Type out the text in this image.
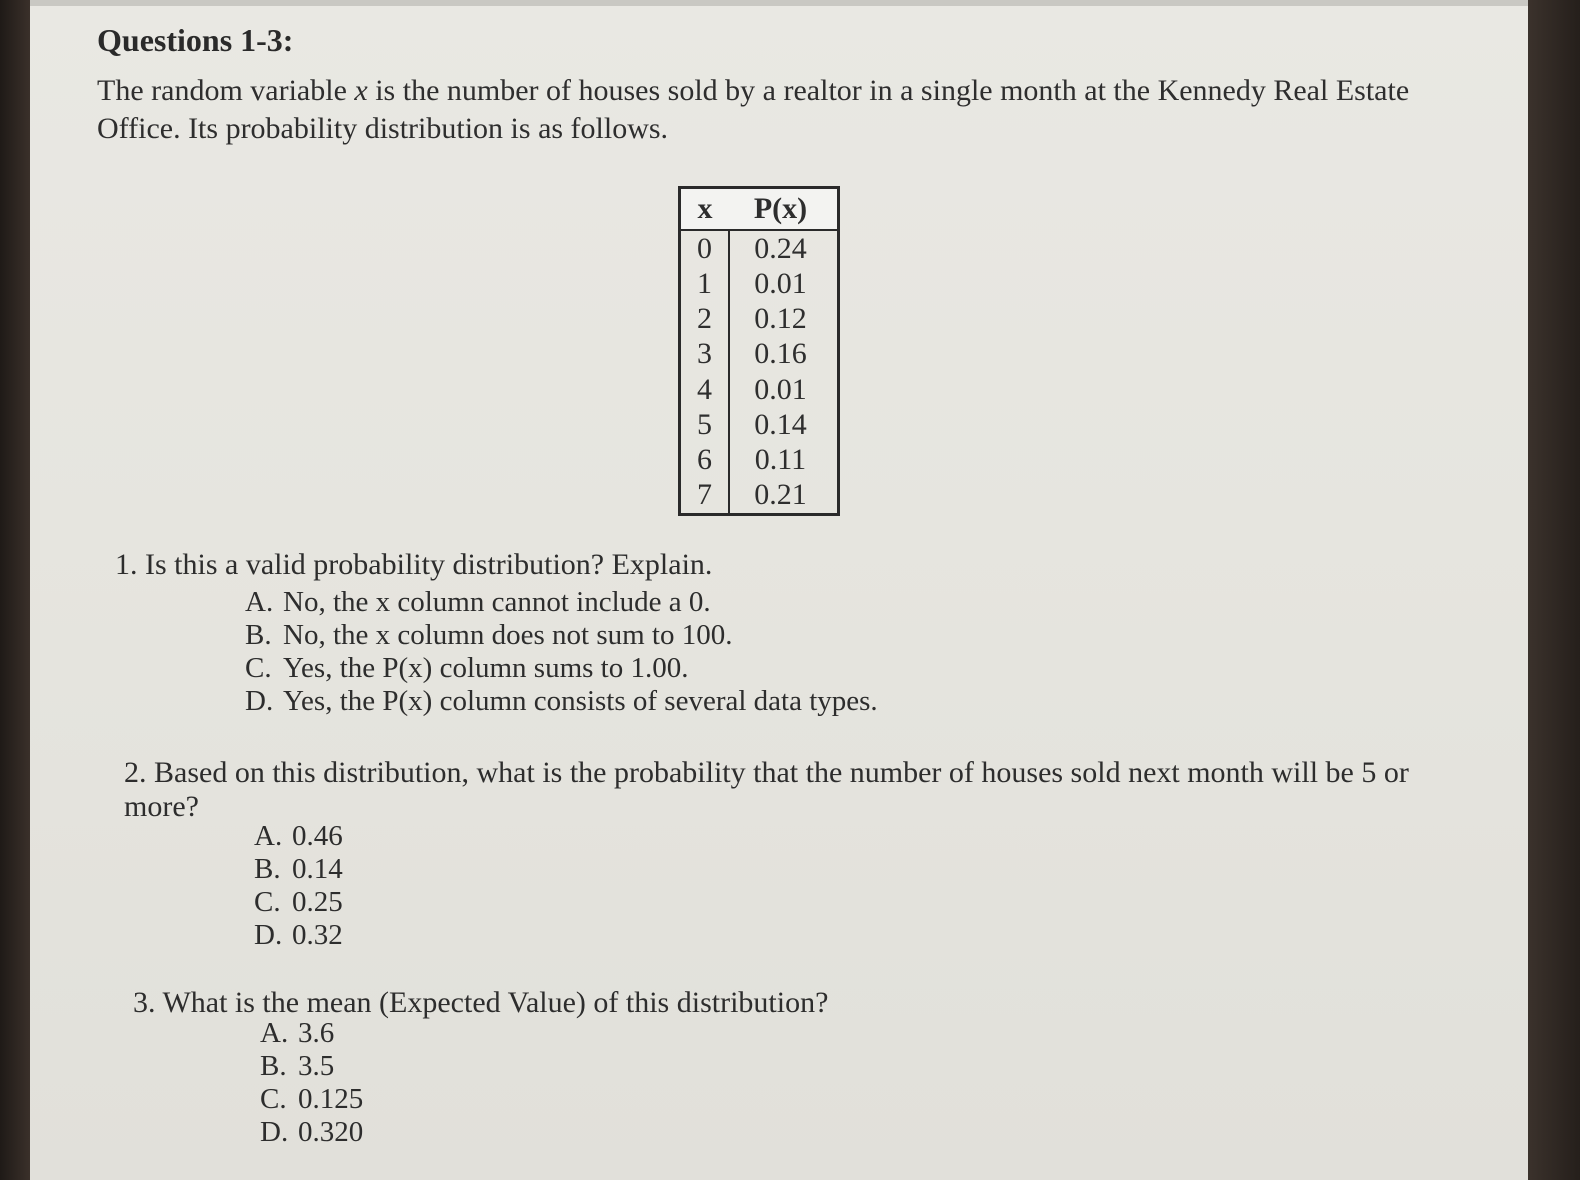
Questions 1-3:
The random variable x is the number of houses sold by a realtor in a single month at the Kennedy Real Estate Office. Its probability distribution is as follows.
x	P(x)
0	0.24
1	0.01
2	0.12
3	0.16
4	0.01
5	0.14
6	0.11
7	0.21
1. Is this a valid probability distribution? Explain.
A. No, the x column cannot include a 0.
B. No, the x column does not sum to 100.
C. Yes, the P(x) column sums to 1.00.
D. Yes, the P(x) column consists of several data types.
2. Based on this distribution, what is the probability that the number of houses sold next month will be 5 or more?
A. 0.46
B. 0.14
C. 0.25
D. 0.32
3. What is the mean (Expected Value) of this distribution?
A. 3.6
B. 3.5
C. 0.125
D. 0.320
